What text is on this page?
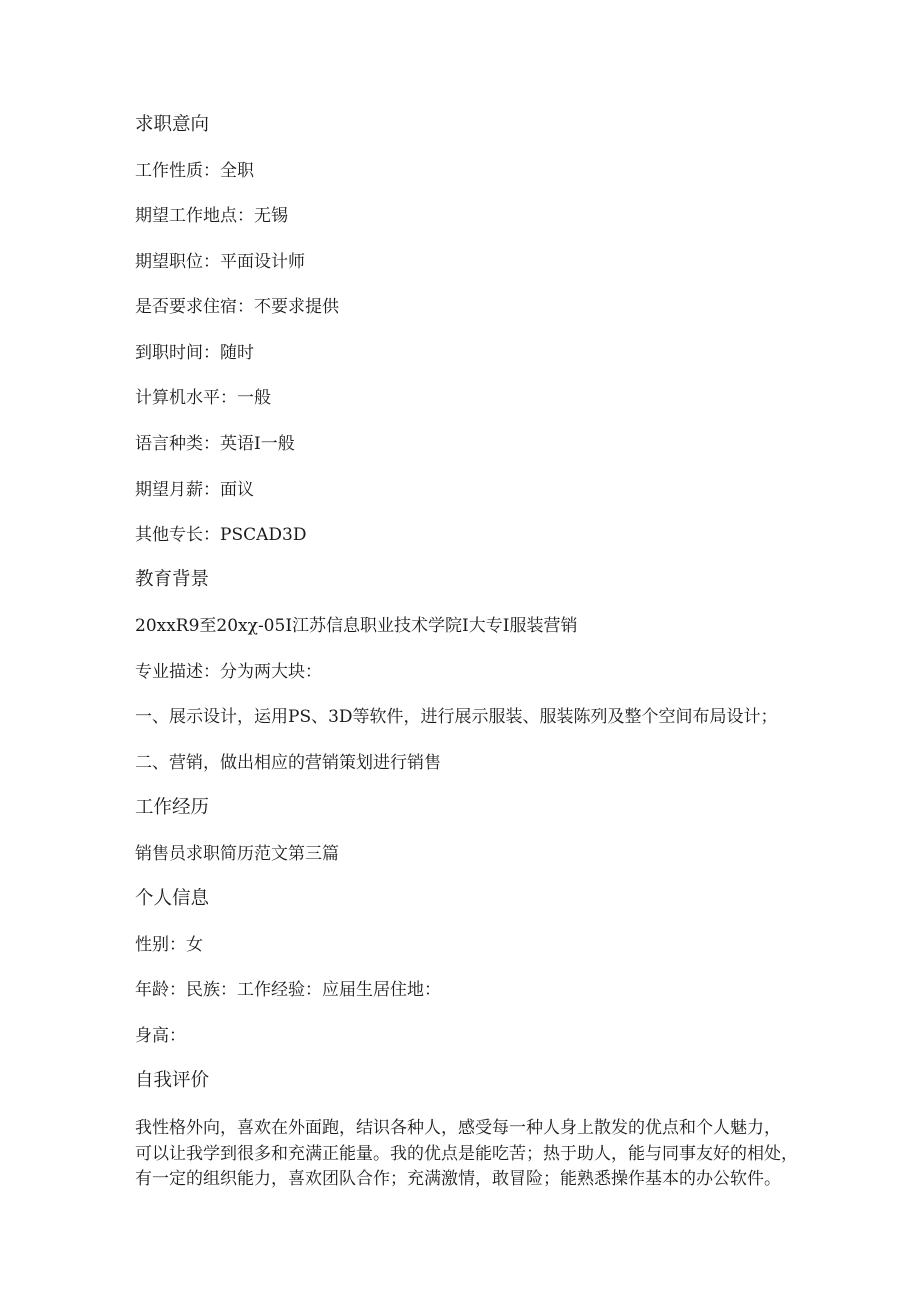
求职意向
工作性质：全职
期望工作地点：无锡
期望职位：平面设计师
是否要求住宿：不要求提供
到职时间：随时
计算机水平：一般
语言种类：英语I一般
期望月薪：面议
其他专长：PSCAD3D
教育背景
20xxR9至20xχ-05I江苏信息职业技术学院I大专I服装营销
专业描述：分为两大块：
一、展示设计，运用PS、3D等软件，进行展示服装、服装陈列及整个空间布局设计；
二、营销，做出相应的营销策划进行销售
工作经历
销售员求职简历范文第三篇
个人信息
性别：女
年龄：民族：工作经验：应届生居住地：
身高：
自我评价
我性格外向，喜欢在外面跑，结识各种人，感受每一种人身上散发的优点和个人魅力，
可以让我学到很多和充满正能量。我的优点是能吃苦；热于助人，能与同事友好的相处，
有一定的组织能力，喜欢团队合作；充满激情，敢冒险；能熟悉操作基本的办公软件。
